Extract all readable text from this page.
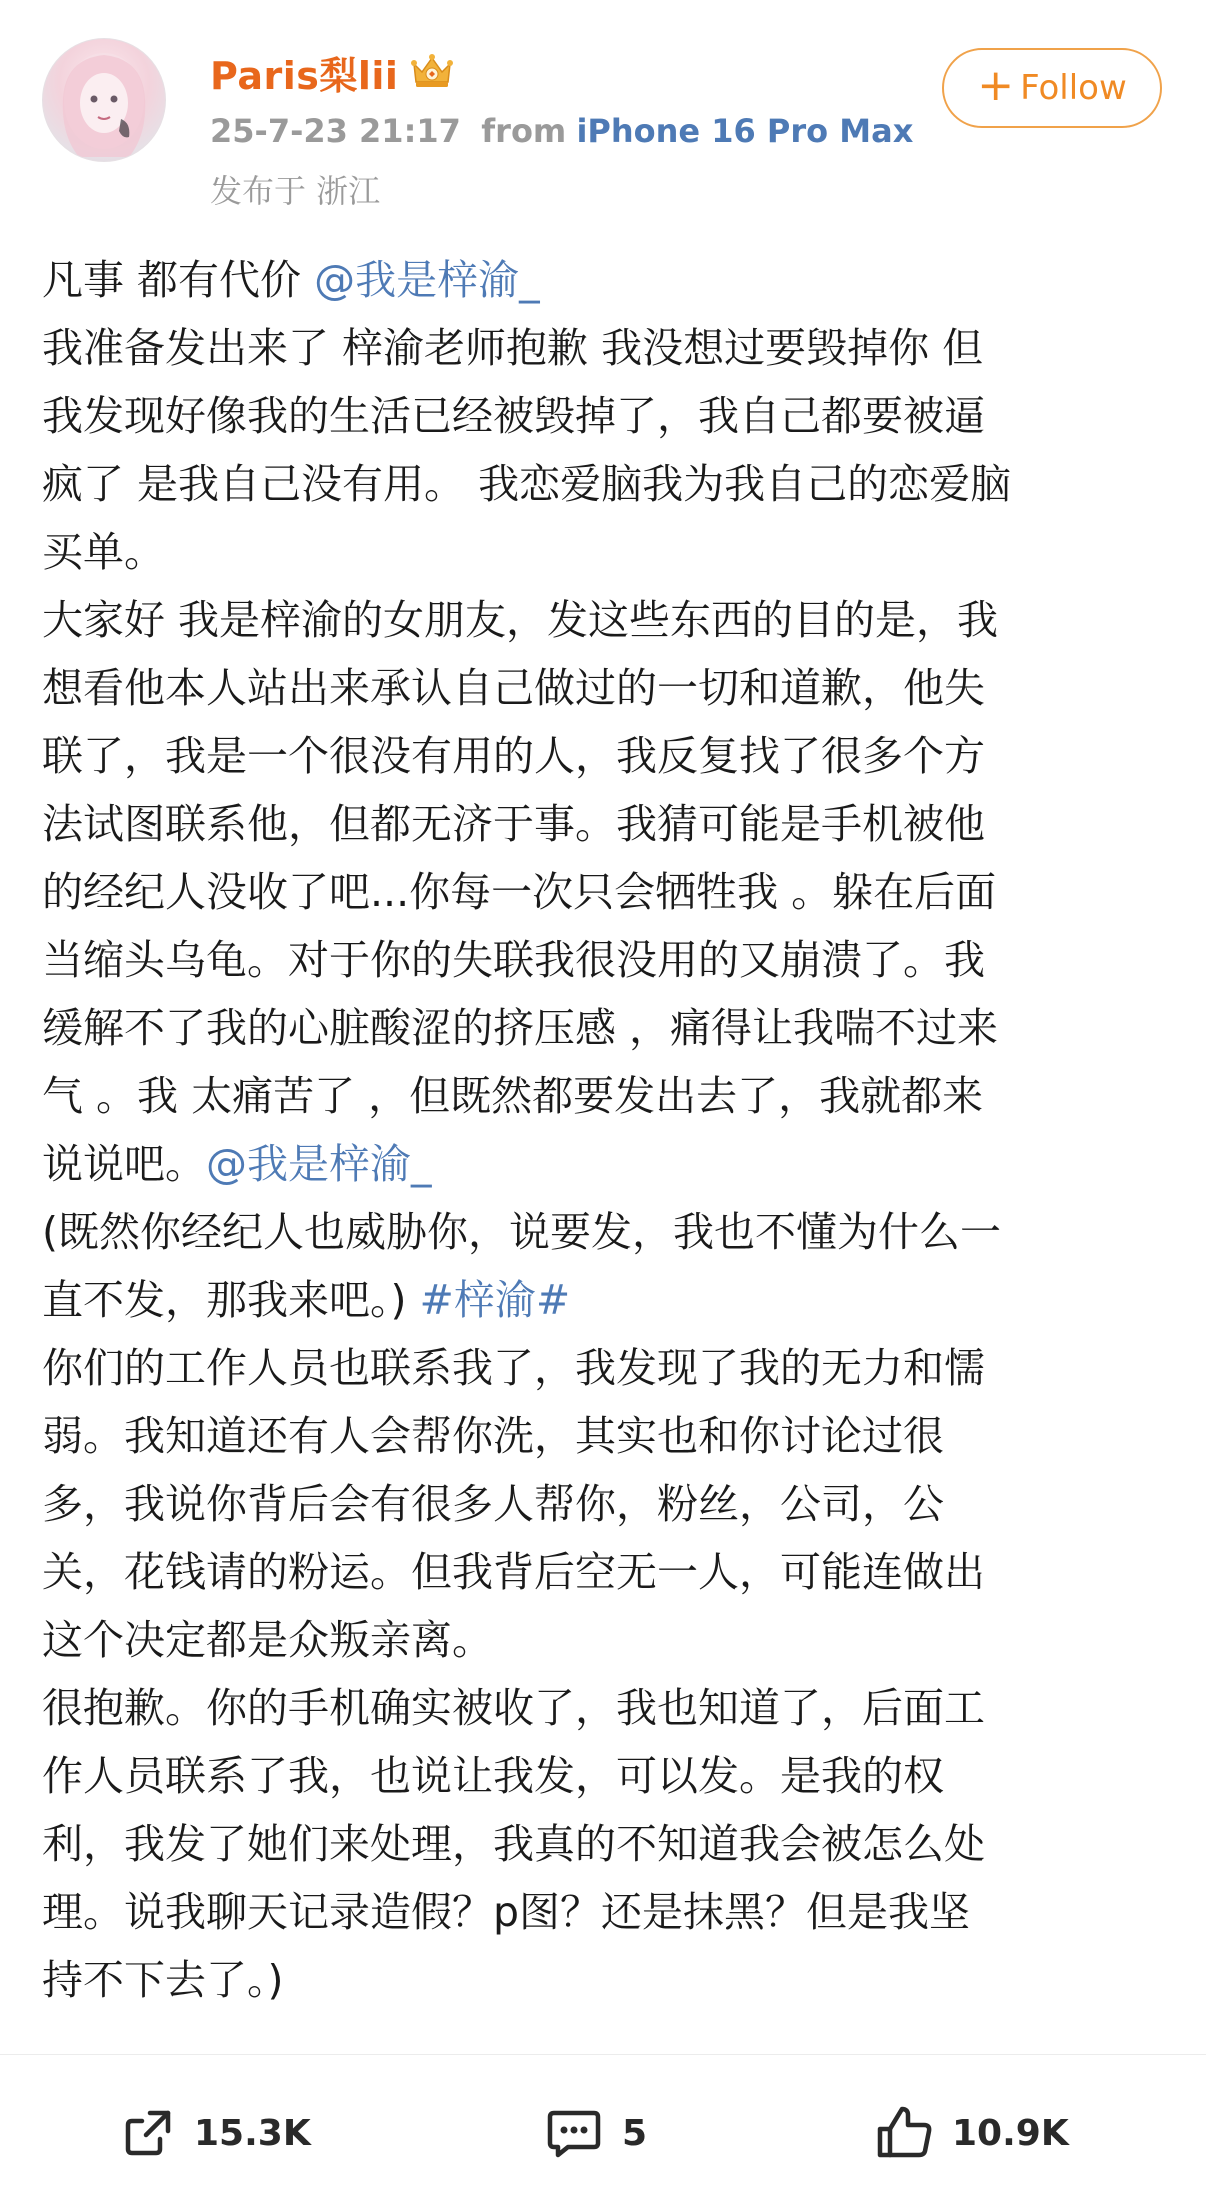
Paris梨lii
25-7-23 21:17 from iPhone 16 Pro Max
发布于 浙江
+ Follow
凡事 都有代价 @我是梓渝_
我准备发出来了 梓渝老师抱歉 我没想过要毁掉你 但
我发现好像我的生活已经被毁掉了，我自己都要被逼
疯了 是我自己没有用。 我恋爱脑我为我自己的恋爱脑
买单。
大家好 我是梓渝的女朋友，发这些东西的目的是，我
想看他本人站出来承认自己做过的一切和道歉，他失
联了，我是一个很没有用的人，我反复找了很多个方
法试图联系他，但都无济于事。我猜可能是手机被他
的经纪人没收了吧...你每一次只会牺牲我 。躲在后面
当缩头乌龟。对于你的失联我很没用的又崩溃了。我
缓解不了我的心脏酸涩的挤压感 ，痛得让我喘不过来
气 。我 太痛苦了 ，但既然都要发出去了，我就都来
说说吧。@我是梓渝_
(既然你经纪人也威胁你，说要发，我也不懂为什么一
直不发，那我来吧。) #梓渝#
你们的工作人员也联系我了，我发现了我的无力和懦
弱。我知道还有人会帮你洗，其实也和你讨论过很
多，我说你背后会有很多人帮你，粉丝，公司，公
关，花钱请的粉运。但我背后空无一人，可能连做出
这个决定都是众叛亲离。
很抱歉。你的手机确实被收了，我也知道了，后面工
作人员联系了我，也说让我发，可以发。是我的权
利，我发了她们来处理，我真的不知道我会被怎么处
理。说我聊天记录造假？p图？还是抹黑？但是我坚
持不下去了。)
15.3K	5	10.9K
